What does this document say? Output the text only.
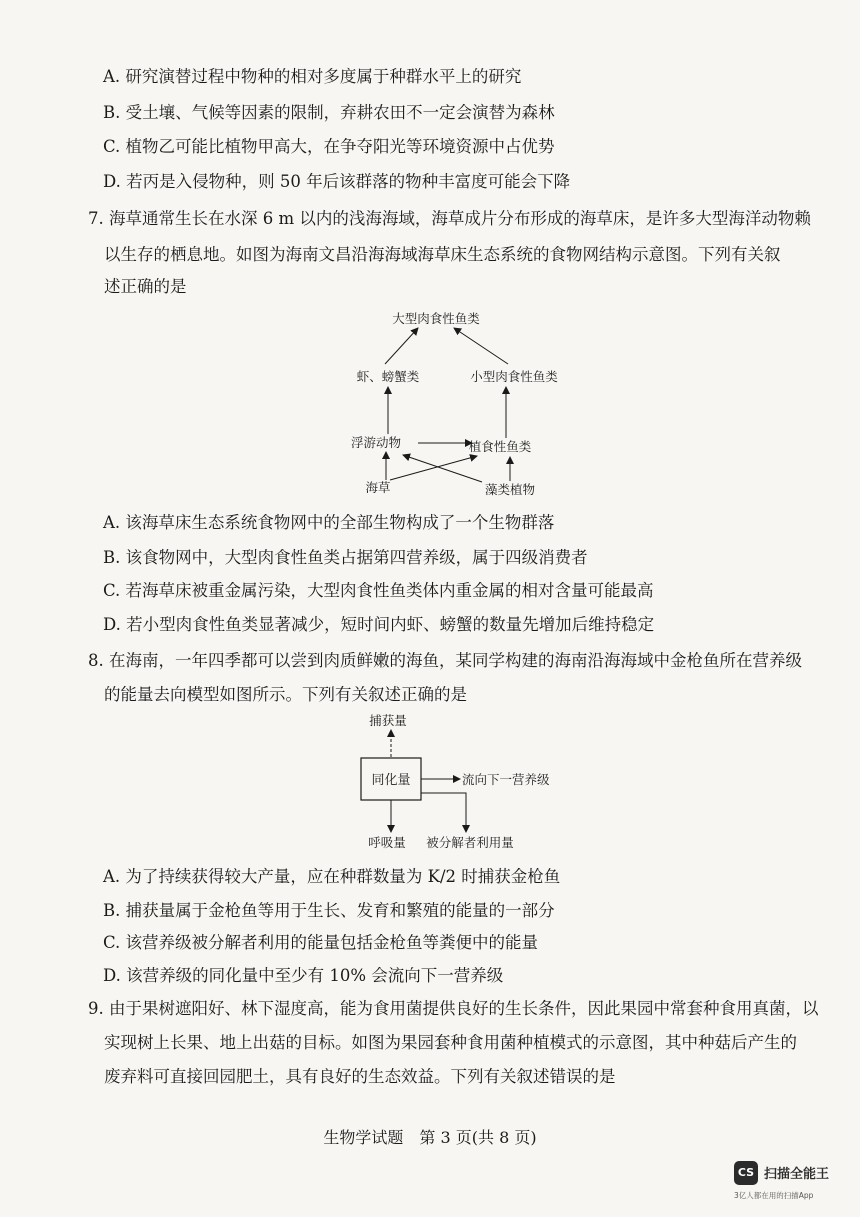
A. 研究演替过程中物种的相对多度属于种群水平上的研究
B. 受土壤、气候等因素的限制，弃耕农田不一定会演替为森林
C. 植物乙可能比植物甲高大，在争夺阳光等环境资源中占优势
D. 若丙是入侵物种，则 50 年后该群落的物种丰富度可能会下降
7. 海草通常生长在水深 6 m 以内的浅海海域，海草成片分布形成的海草床，是许多大型海洋动物赖
以生存的栖息地。如图为海南文昌沿海海域海草床生态系统的食物网结构示意图。下列有关叙
述正确的是
大型肉食性鱼类
虾、螃蟹类	小型肉食性鱼类
浮游动物	植食性鱼类
海草	藻类植物
A. 该海草床生态系统食物网中的全部生物构成了一个生物群落
B. 该食物网中，大型肉食性鱼类占据第四营养级，属于四级消费者
C. 若海草床被重金属污染，大型肉食性鱼类体内重金属的相对含量可能最高
D. 若小型肉食性鱼类显著减少，短时间内虾、螃蟹的数量先增加后维持稳定
8. 在海南，一年四季都可以尝到肉质鲜嫩的海鱼，某同学构建的海南沿海海域中金枪鱼所在营养级
的能量去向模型如图所示。下列有关叙述正确的是
捕获量
同化量	流向下一营养级
呼吸量 被分解者利用量
A. 为了持续获得较大产量，应在种群数量为 K/2 时捕获金枪鱼
B. 捕获量属于金枪鱼等用于生长、发育和繁殖的能量的一部分
C. 该营养级被分解者利用的能量包括金枪鱼等粪便中的能量
D. 该营养级的同化量中至少有 10% 会流向下一营养级
9. 由于果树遮阳好、林下湿度高，能为食用菌提供良好的生长条件，因此果园中常套种食用真菌，以
实现树上长果、地上出菇的目标。如图为果园套种食用菌种植模式的示意图，其中种菇后产生的
废弃料可直接回园肥土，具有良好的生态效益。下列有关叙述错误的是
生物学试题　第 3 页(共 8 页)
CS 扫描全能王
3亿人都在用的扫描App
